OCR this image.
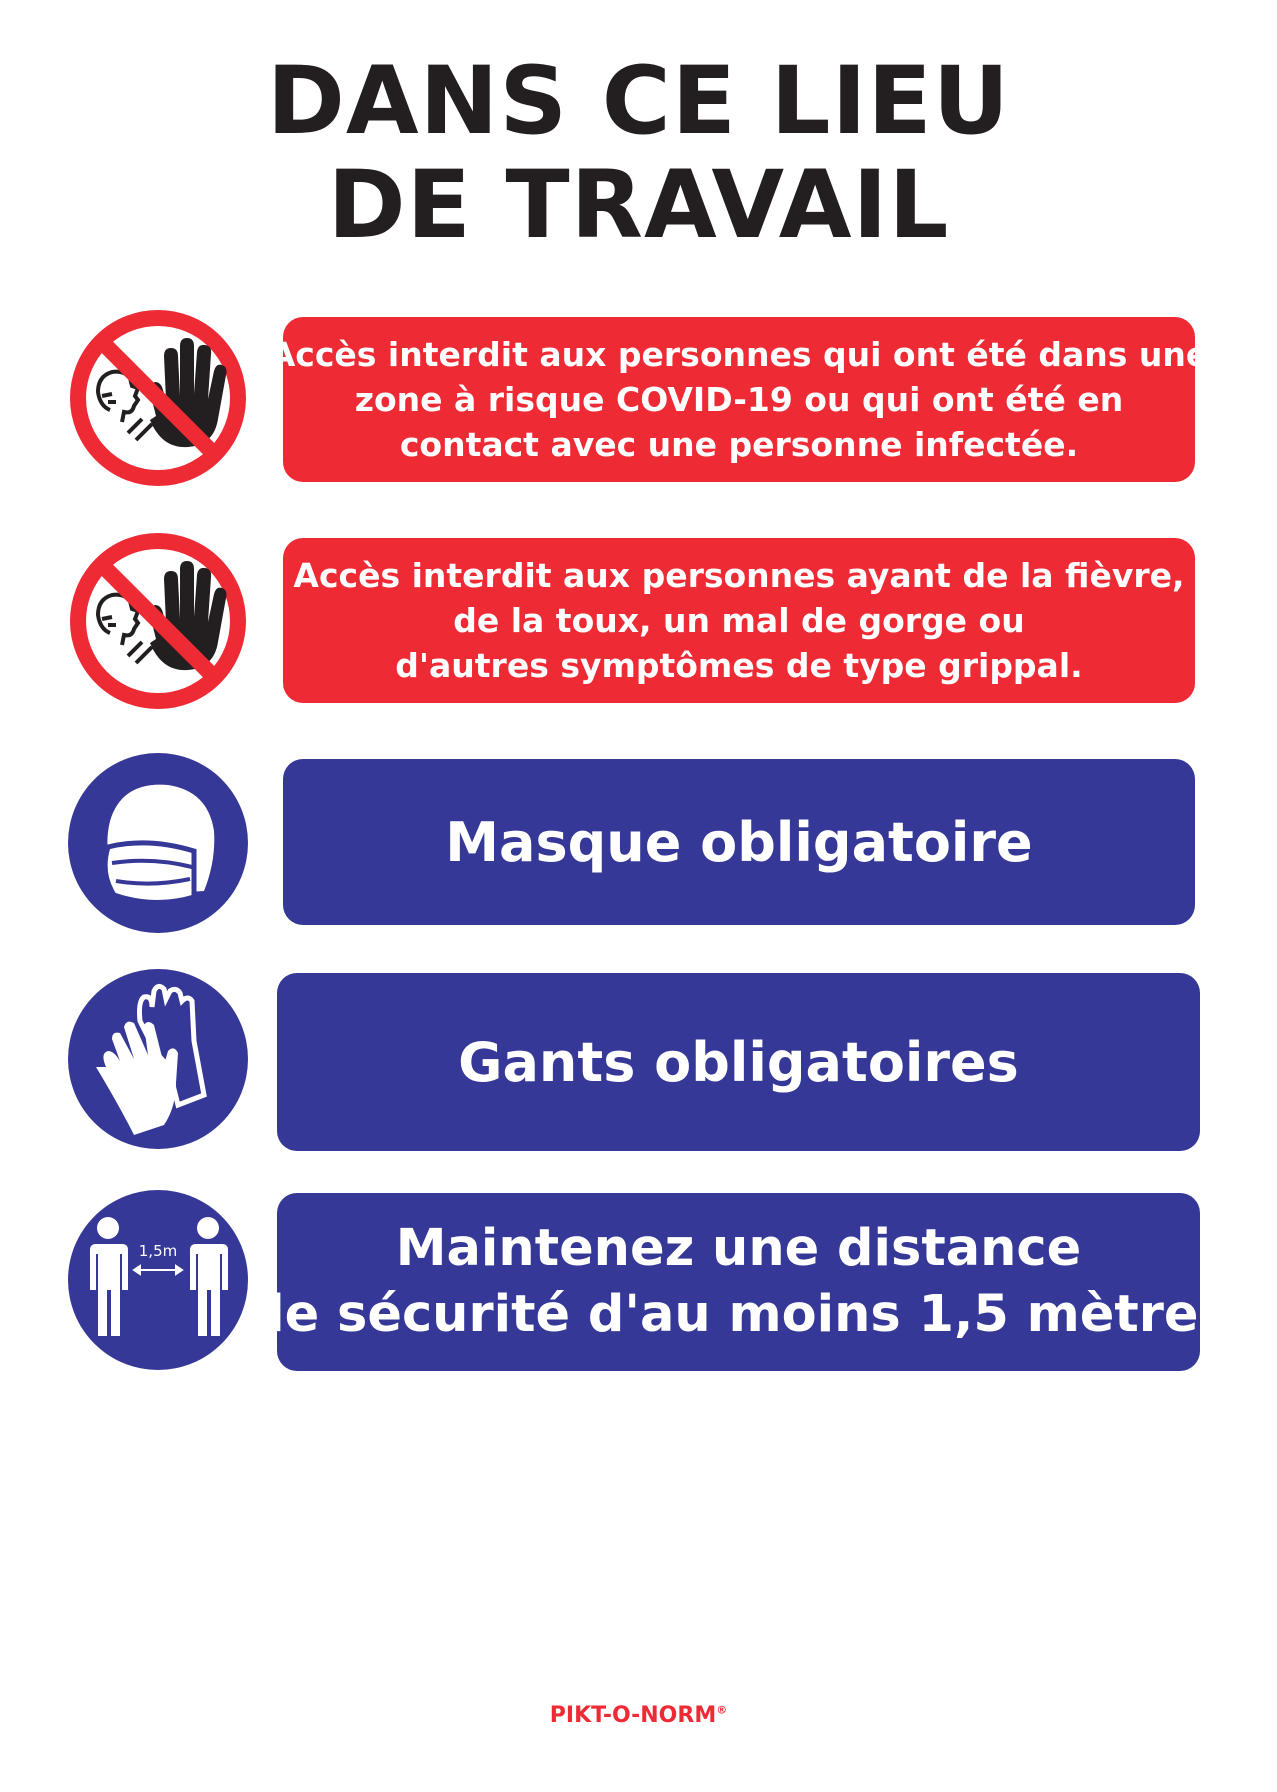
DANS CE LIEU
DE TRAVAIL
Accès interdit aux personnes qui ont été dans une
zone à risque COVID-19 ou qui ont été en
contact avec une personne infectée.
Accès interdit aux personnes ayant de la fièvre,
de la toux, un mal de gorge ou
d'autres symptômes de type grippal.
Masque obligatoire
Gants obligatoires
1,5m	Maintenez une distance
de sécurité d'au moins 1,5 mètres
PIKT-O-NORM®
